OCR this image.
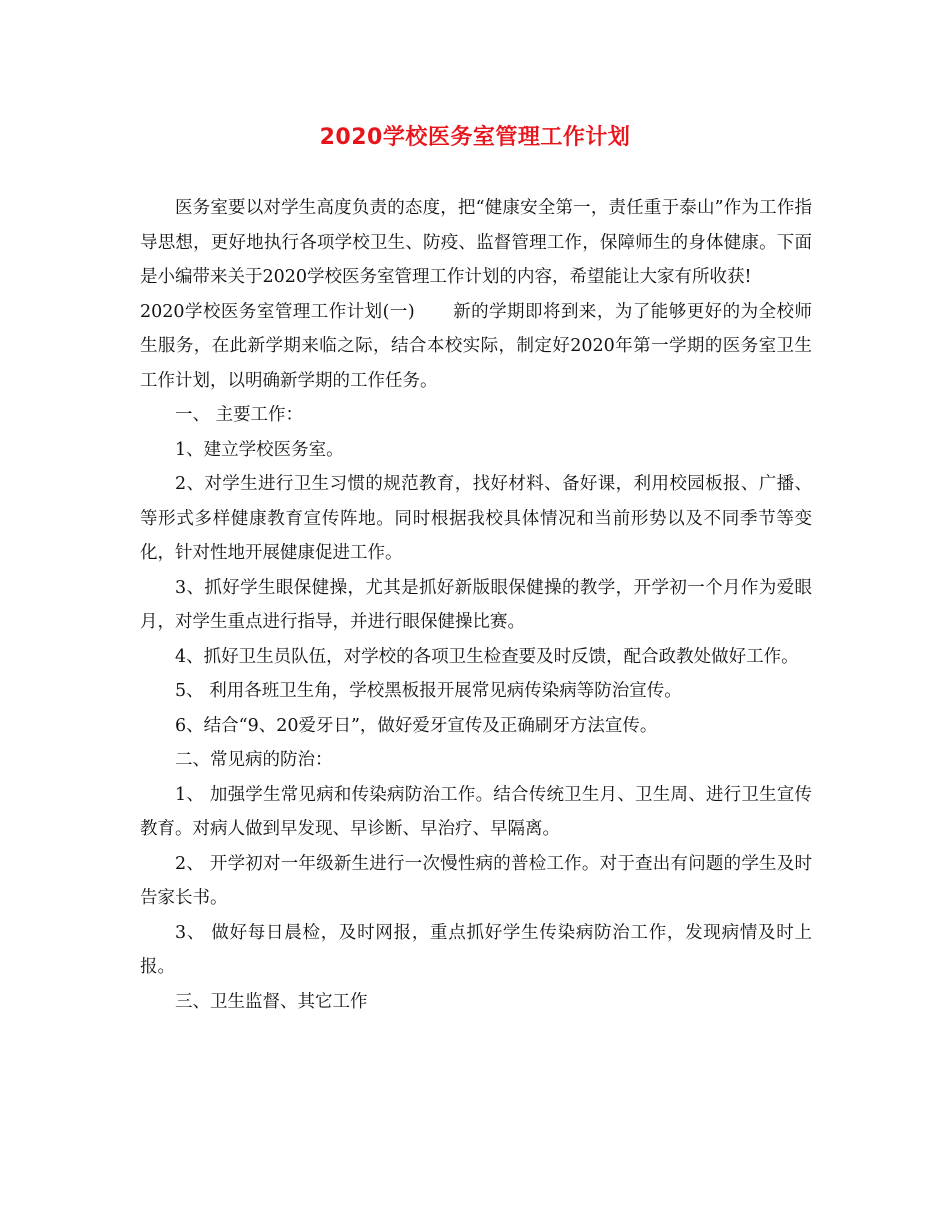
2020学校医务室管理工作计划

医务室要以对学生高度负责的态度，把“健康安全第一，责任重于泰山”作为工作指导思想，更好地执行各项学校卫生、防疫、监督管理工作，保障师生的身体健康。下面是小编带来关于2020学校医务室管理工作计划的内容，希望能让大家有所收获!

2020学校医务室管理工作计划(一) 新的学期即将到来，为了能够更好的为全校师生服务，在此新学期来临之际，结合本校实际，制定好2020年第一学期的医务室卫生工作计划，以明确新学期的工作任务。

一、 主要工作：

1、建立学校医务室。

2、对学生进行卫生习惯的规范教育，找好材料、备好课，利用校园板报、广播、等形式多样健康教育宣传阵地。同时根据我校具体情况和当前形势以及不同季节等变化，针对性地开展健康促进工作。

3、抓好学生眼保健操，尤其是抓好新版眼保健操的教学，开学初一个月作为爱眼月，对学生重点进行指导，并进行眼保健操比赛。

4、抓好卫生员队伍，对学校的各项卫生检查要及时反馈，配合政教处做好工作。

5、 利用各班卫生角，学校黑板报开展常见病传染病等防治宣传。

6、结合“9、20爱牙日”，做好爱牙宣传及正确刷牙方法宣传。

二、常见病的防治：

1、 加强学生常见病和传染病防治工作。结合传统卫生月、卫生周、进行卫生宣传教育。对病人做到早发现、早诊断、早治疗、早隔离。

2、 开学初对一年级新生进行一次慢性病的普检工作。对于查出有问题的学生及时告家长书。

3、 做好每日晨检，及时网报，重点抓好学生传染病防治工作，发现病情及时上报。

三、卫生监督、其它工作
